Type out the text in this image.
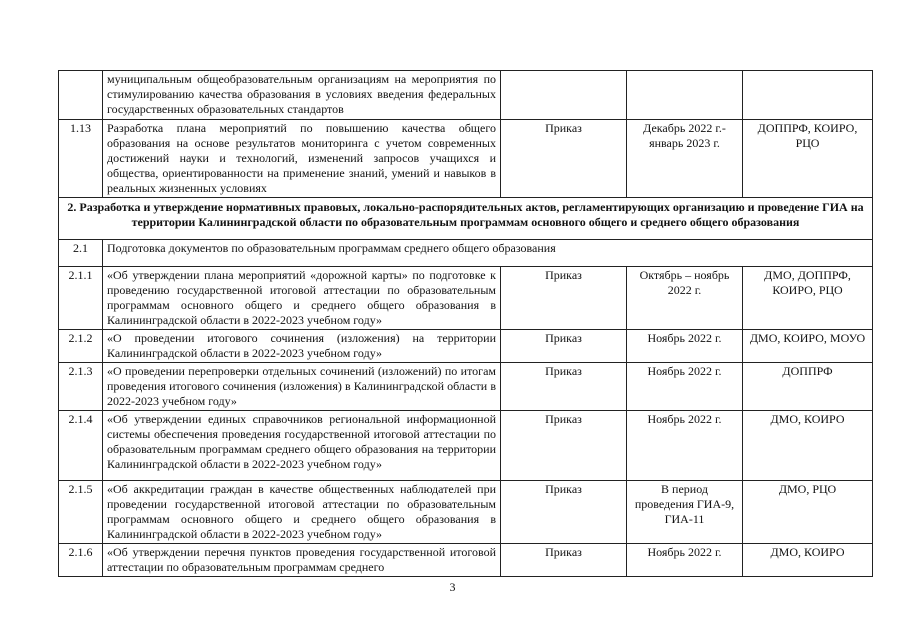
	муниципальным общеобразовательным организациям на мероприятия по стимулированию качества образования в условиях введения федеральных государственных образовательных стандартов			
1.13	Разработка плана мероприятий по повышению качества общего образования на основе результатов мониторинга с учетом современных достижений науки и технологий, изменений запросов учащихся и общества, ориентированности на применение знаний, умений и навыков в реальных жизненных условиях	Приказ	Декабрь 2022 г.- январь 2023 г.	ДОППРФ, КОИРО, РЦО
2. Разработка и утверждение нормативных правовых, локально-распорядительных актов, регламентирующих организацию и проведение ГИА на территории Калининградской области по образовательным программам основного общего и среднего общего образования				
2.1	Подготовка документов по образовательным программам среднего общего образования			
2.1.1	«Об утверждении плана мероприятий «дорожной карты» по подготовке к проведению государственной итоговой аттестации по образовательным программам основного общего и среднего общего образования в Калининградской области в 2022-2023 учебном году»	Приказ	Октябрь – ноябрь 2022 г.	ДМО, ДОППРФ, КОИРО, РЦО
2.1.2	«О проведении итогового сочинения (изложения) на территории Калининградской области в 2022-2023 учебном году»	Приказ	Ноябрь 2022 г.	ДМО, КОИРО, МОУО
2.1.3	«О проведении перепроверки отдельных сочинений (изложений) по итогам проведения итогового сочинения (изложения) в Калининградской области в 2022-2023 учебном году»	Приказ	Ноябрь 2022 г.	ДОППРФ
2.1.4	«Об утверждении единых справочников региональной информационной системы обеспечения проведения государственной итоговой аттестации по образовательным программам среднего общего образования на территории Калининградской области в 2022-2023 учебном году»	Приказ	Ноябрь 2022 г.	ДМО, КОИРО
2.1.5	«Об аккредитации граждан в качестве общественных наблюдателей при проведении государственной итоговой аттестации по образовательным программам основного общего и среднего общего образования в Калининградской области в 2022-2023 учебном году»	Приказ	В период проведения ГИА-9, ГИА-11	ДМО, РЦО
2.1.6	«Об утверждении перечня пунктов проведения государственной итоговой аттестации по образовательным программам среднего	Приказ	Ноябрь 2022 г.	ДМО, КОИРО
3
